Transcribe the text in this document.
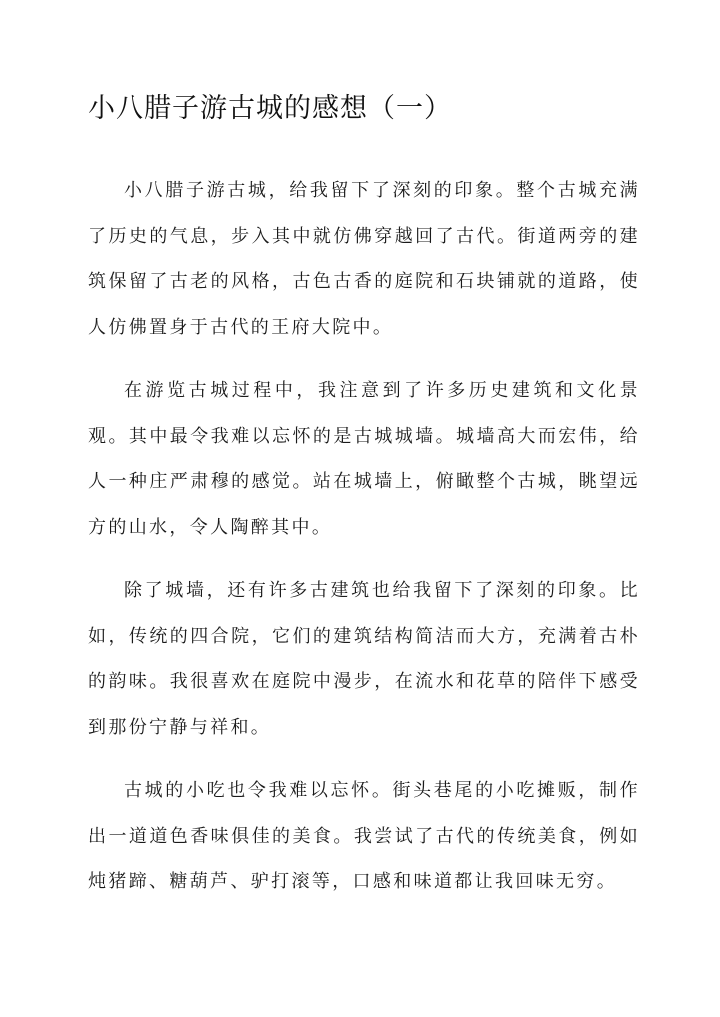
小八腊子游古城的感想（一）

小八腊子游古城，给我留下了深刻的印象。整个古城充满了历史的气息，步入其中就仿佛穿越回了古代。街道两旁的建筑保留了古老的风格，古色古香的庭院和石块铺就的道路，使人仿佛置身于古代的王府大院中。

在游览古城过程中，我注意到了许多历史建筑和文化景观。其中最令我难以忘怀的是古城城墙。城墙高大而宏伟，给人一种庄严肃穆的感觉。站在城墙上，俯瞰整个古城，眺望远方的山水，令人陶醉其中。

除了城墙，还有许多古建筑也给我留下了深刻的印象。比如，传统的四合院，它们的建筑结构简洁而大方，充满着古朴的韵味。我很喜欢在庭院中漫步，在流水和花草的陪伴下感受到那份宁静与祥和。

古城的小吃也令我难以忘怀。街头巷尾的小吃摊贩，制作出一道道色香味俱佳的美食。我尝试了古代的传统美食，例如炖猪蹄、糖葫芦、驴打滚等，口感和味道都让我回味无穷。
